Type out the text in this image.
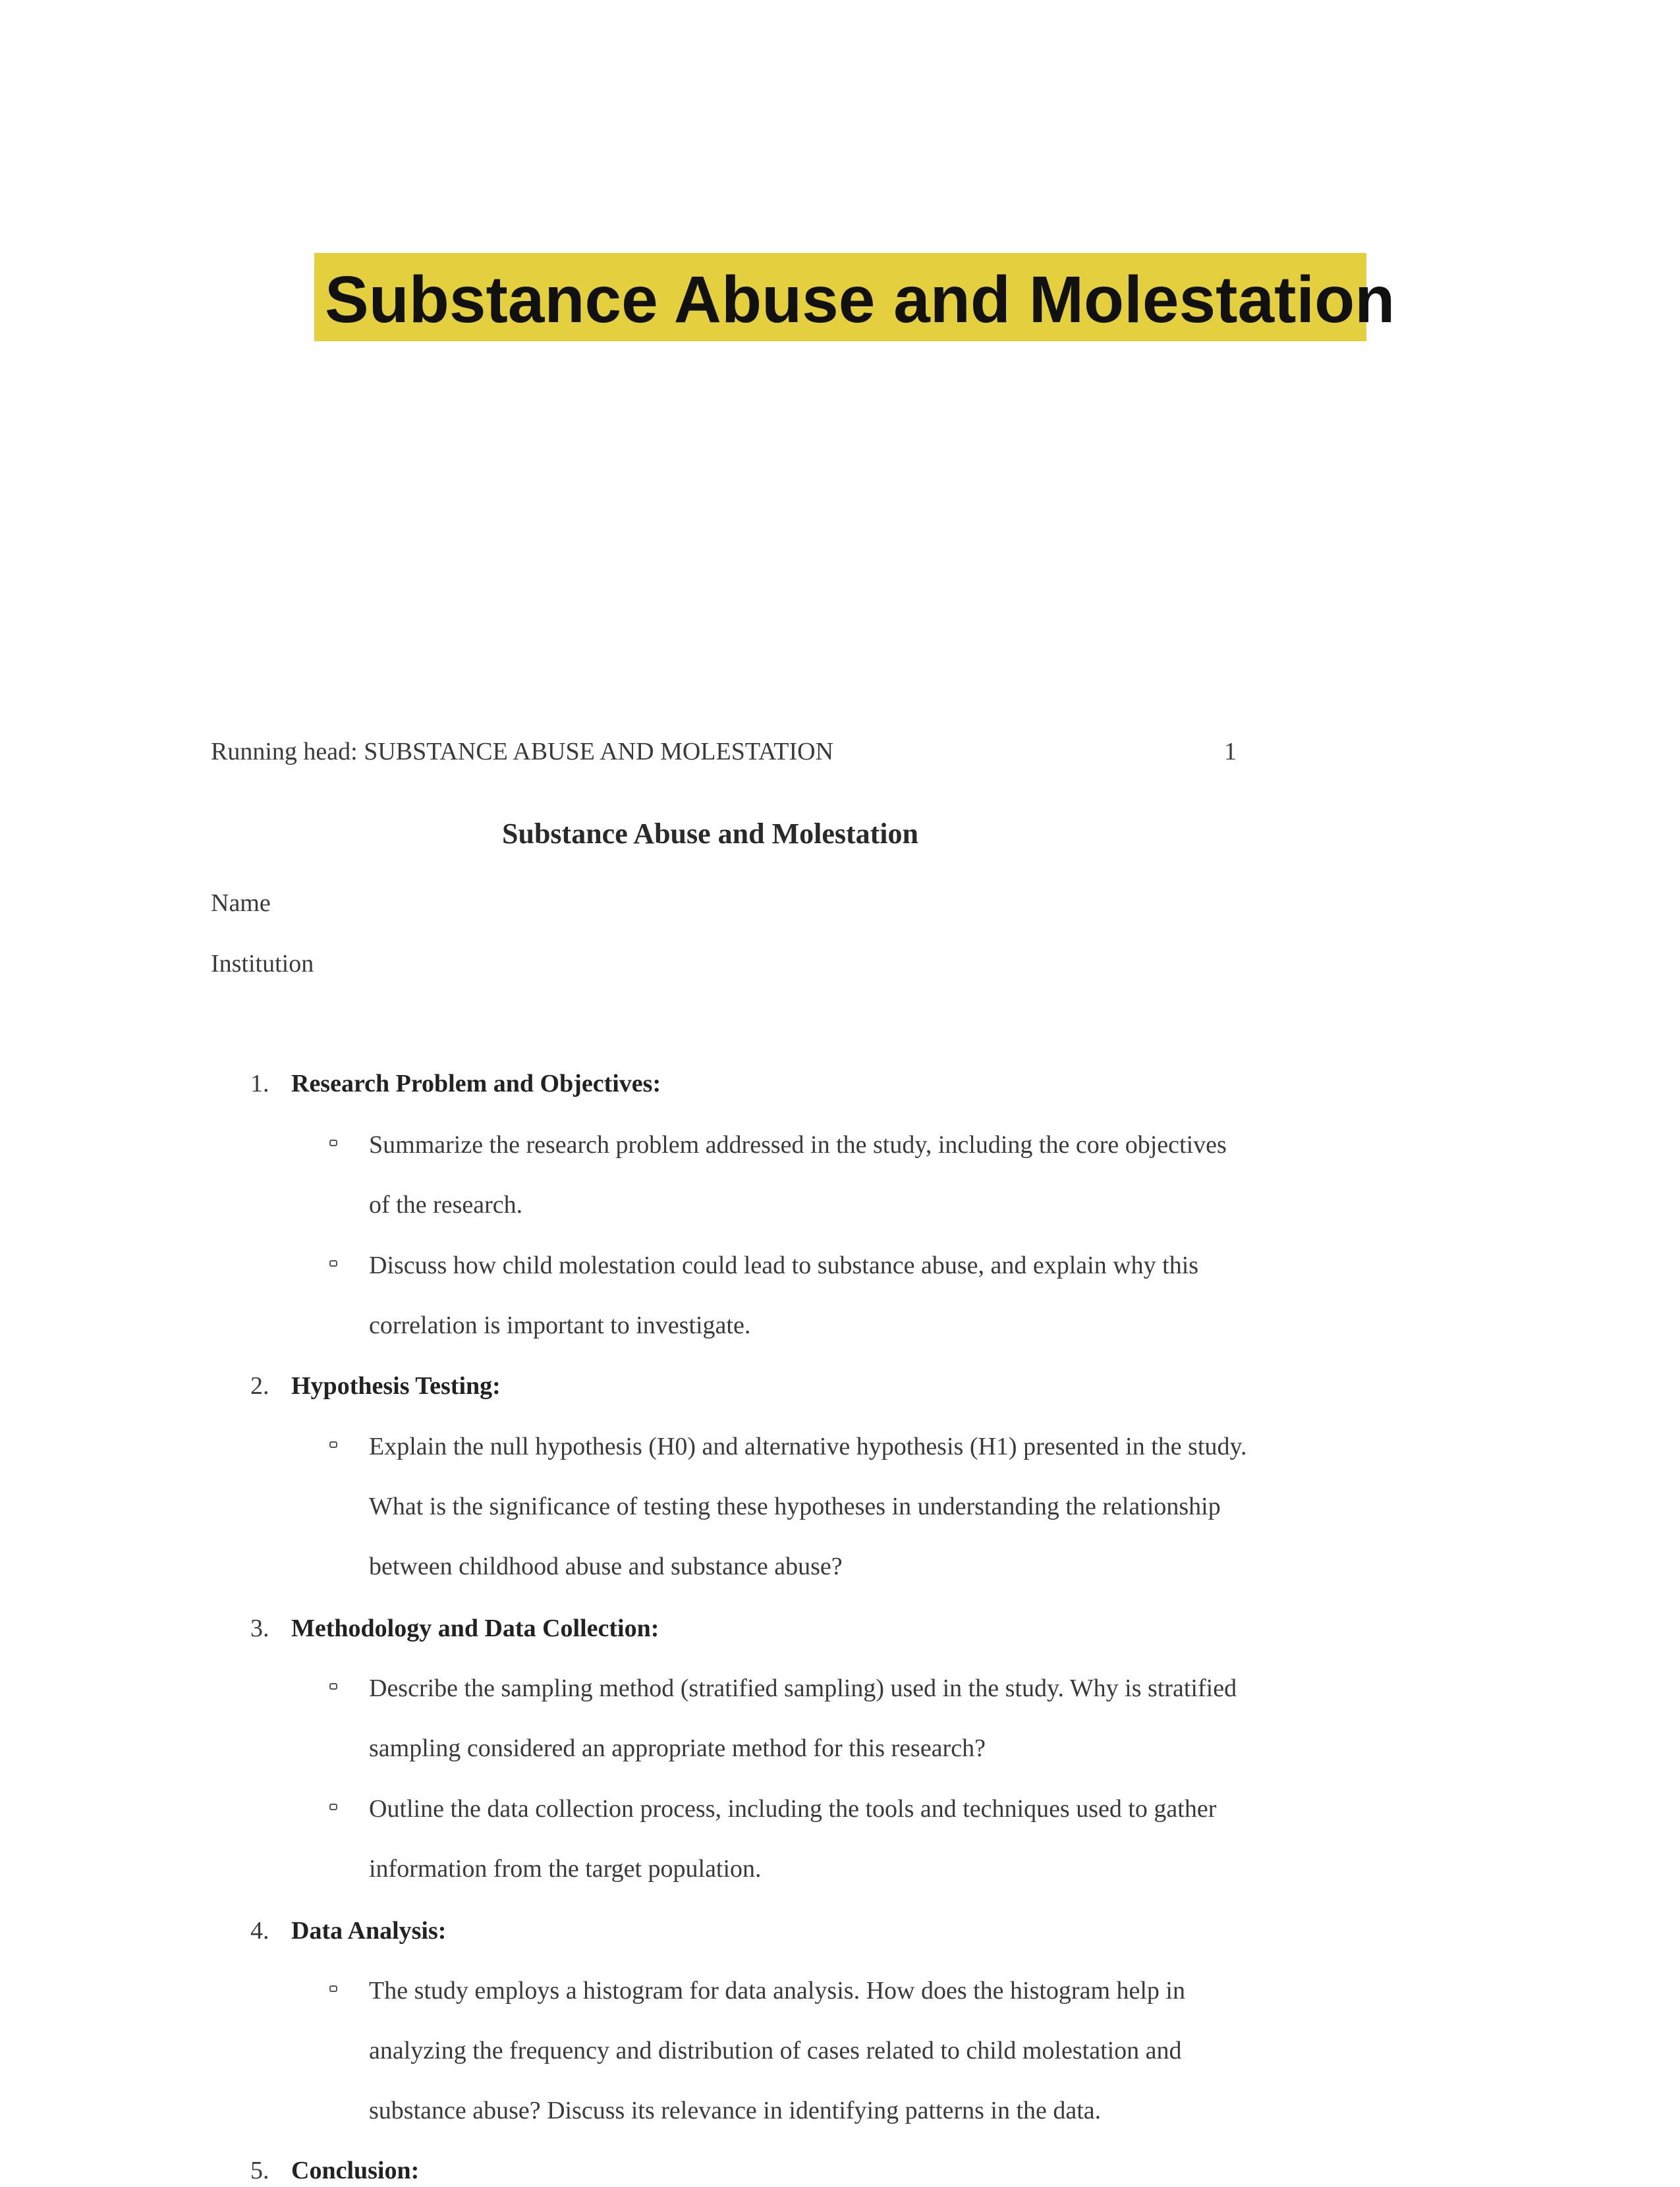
Substance Abuse and Molestation
Running head: SUBSTANCE ABUSE AND MOLESTATION	1
Substance Abuse and Molestation
Name
Institution
1. Research Problem and Objectives:
Summarize the research problem addressed in the study, including the core objectives of the research.
Discuss how child molestation could lead to substance abuse, and explain why this correlation is important to investigate.
2. Hypothesis Testing:
Explain the null hypothesis (H0) and alternative hypothesis (H1) presented in the study. What is the significance of testing these hypotheses in understanding the relationship between childhood abuse and substance abuse?
3. Methodology and Data Collection:
Describe the sampling method (stratified sampling) used in the study. Why is stratified sampling considered an appropriate method for this research?
Outline the data collection process, including the tools and techniques used to gather information from the target population.
4. Data Analysis:
The study employs a histogram for data analysis. How does the histogram help in analyzing the frequency and distribution of cases related to child molestation and substance abuse? Discuss its relevance in identifying patterns in the data.
5. Conclusion:
